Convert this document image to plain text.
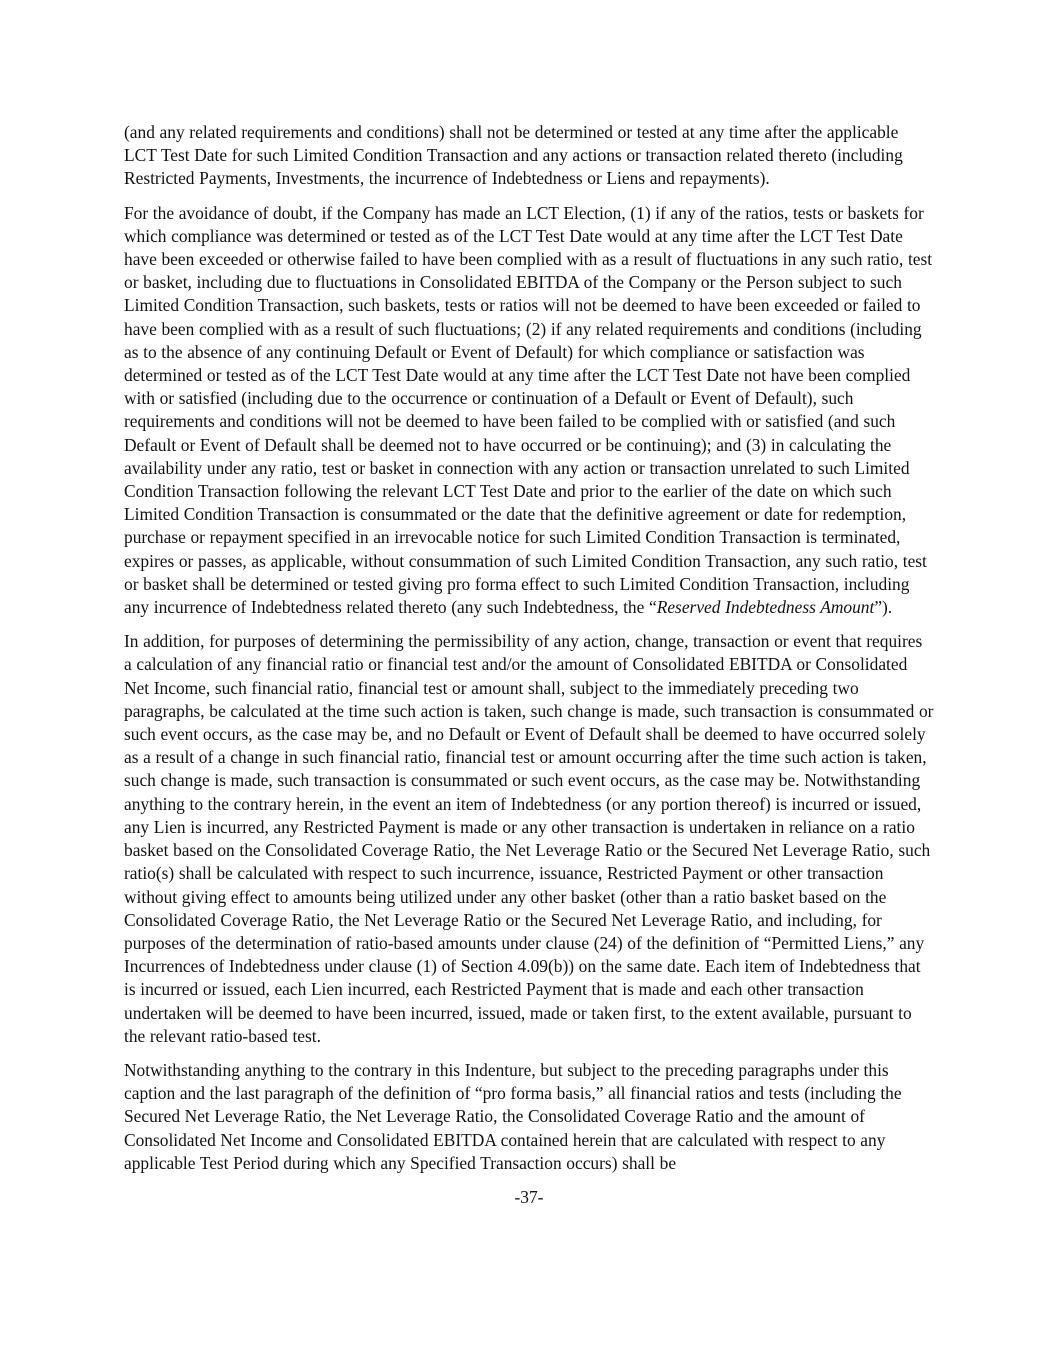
(and any related requirements and conditions) shall not be determined or tested at any time after the applicable LCT Test Date for such Limited Condition Transaction and any actions or transaction related thereto (including Restricted Payments, Investments, the incurrence of Indebtedness or Liens and repayments).

For the avoidance of doubt, if the Company has made an LCT Election, (1) if any of the ratios, tests or baskets for which compliance was determined or tested as of the LCT Test Date would at any time after the LCT Test Date have been exceeded or otherwise failed to have been complied with as a result of fluctuations in any such ratio, test or basket, including due to fluctuations in Consolidated EBITDA of the Company or the Person subject to such Limited Condition Transaction, such baskets, tests or ratios will not be deemed to have been exceeded or failed to have been complied with as a result of such fluctuations; (2) if any related requirements and conditions (including as to the absence of any continuing Default or Event of Default) for which compliance or satisfaction was determined or tested as of the LCT Test Date would at any time after the LCT Test Date not have been complied with or satisfied (including due to the occurrence or continuation of a Default or Event of Default), such requirements and conditions will not be deemed to have been failed to be complied with or satisfied (and such Default or Event of Default shall be deemed not to have occurred or be continuing); and (3) in calculating the availability under any ratio, test or basket in connection with any action or transaction unrelated to such Limited Condition Transaction following the relevant LCT Test Date and prior to the earlier of the date on which such Limited Condition Transaction is consummated or the date that the definitive agreement or date for redemption, purchase or repayment specified in an irrevocable notice for such Limited Condition Transaction is terminated, expires or passes, as applicable, without consummation of such Limited Condition Transaction, any such ratio, test or basket shall be determined or tested giving pro forma effect to such Limited Condition Transaction, including any incurrence of Indebtedness related thereto (any such Indebtedness, the “Reserved Indebtedness Amount”).

In addition, for purposes of determining the permissibility of any action, change, transaction or event that requires a calculation of any financial ratio or financial test and/or the amount of Consolidated EBITDA or Consolidated Net Income, such financial ratio, financial test or amount shall, subject to the immediately preceding two paragraphs, be calculated at the time such action is taken, such change is made, such transaction is consummated or such event occurs, as the case may be, and no Default or Event of Default shall be deemed to have occurred solely as a result of a change in such financial ratio, financial test or amount occurring after the time such action is taken, such change is made, such transaction is consummated or such event occurs, as the case may be. Notwithstanding anything to the contrary herein, in the event an item of Indebtedness (or any portion thereof) is incurred or issued, any Lien is incurred, any Restricted Payment is made or any other transaction is undertaken in reliance on a ratio basket based on the Consolidated Coverage Ratio, the Net Leverage Ratio or the Secured Net Leverage Ratio, such ratio(s) shall be calculated with respect to such incurrence, issuance, Restricted Payment or other transaction without giving effect to amounts being utilized under any other basket (other than a ratio basket based on the Consolidated Coverage Ratio, the Net Leverage Ratio or the Secured Net Leverage Ratio, and including, for purposes of the determination of ratio-based amounts under clause (24) of the definition of “Permitted Liens,” any Incurrences of Indebtedness under clause (1) of Section 4.09(b)) on the same date. Each item of Indebtedness that is incurred or issued, each Lien incurred, each Restricted Payment that is made and each other transaction undertaken will be deemed to have been incurred, issued, made or taken first, to the extent available, pursuant to the relevant ratio-based test.

Notwithstanding anything to the contrary in this Indenture, but subject to the preceding paragraphs under this caption and the last paragraph of the definition of “pro forma basis,” all financial ratios and tests (including the Secured Net Leverage Ratio, the Net Leverage Ratio, the Consolidated Coverage Ratio and the amount of Consolidated Net Income and Consolidated EBITDA contained herein that are calculated with respect to any applicable Test Period during which any Specified Transaction occurs) shall be

-37-
